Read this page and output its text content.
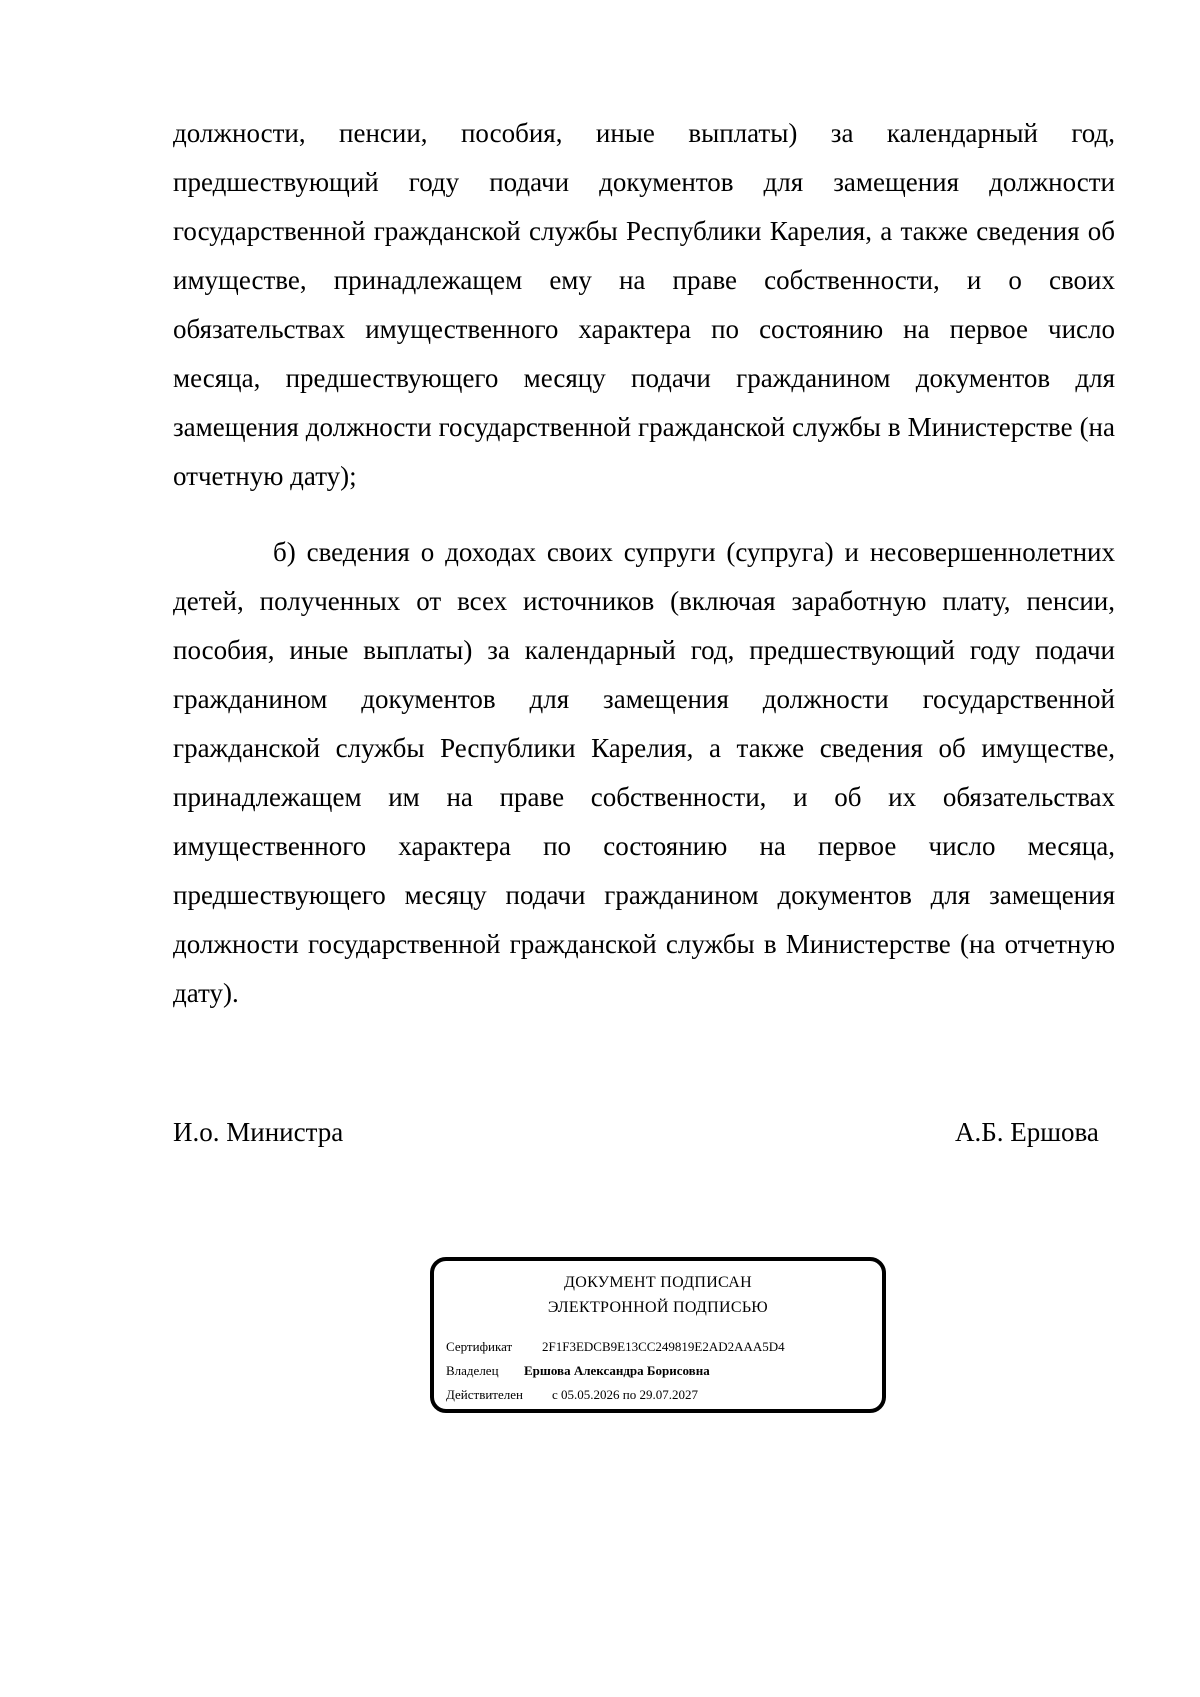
должности, пенсии, пособия, иные выплаты) за календарный год, предшествующий году подачи документов для замещения должности государственной гражданской службы Республики Карелия, а также сведения об имуществе, принадлежащем ему на праве собственности, и о своих обязательствах имущественного характера по состоянию на первое число месяца, предшествующего месяцу подачи гражданином документов для замещения должности государственной гражданской службы в Министерстве (на отчетную дату);

б) сведения о доходах своих супруги (супруга) и несовершеннолетних детей, полученных от всех источников (включая заработную плату, пенсии, пособия, иные выплаты) за календарный год, предшествующий году подачи гражданином документов для замещения должности государственной гражданской службы Республики Карелия, а также сведения об имуществе, принадлежащем им на праве собственности, и об их обязательствах имущественного характера по состоянию на первое число месяца, предшествующего месяцу подачи гражданином документов для замещения должности государственной гражданской службы в Министерстве (на отчетную дату).

И.о. Министра	А.Б. Ершова
ДОКУМЕНТ ПОДПИСАН
ЭЛЕКТРОННОЙ ПОДПИСЬЮ
Сертификат 2F1F3EDCB9E13CC249819E2AD2AAA5D4
Владелец Ершова Александра Борисовна
Действителен с 05.05.2026 по 29.07.2027
